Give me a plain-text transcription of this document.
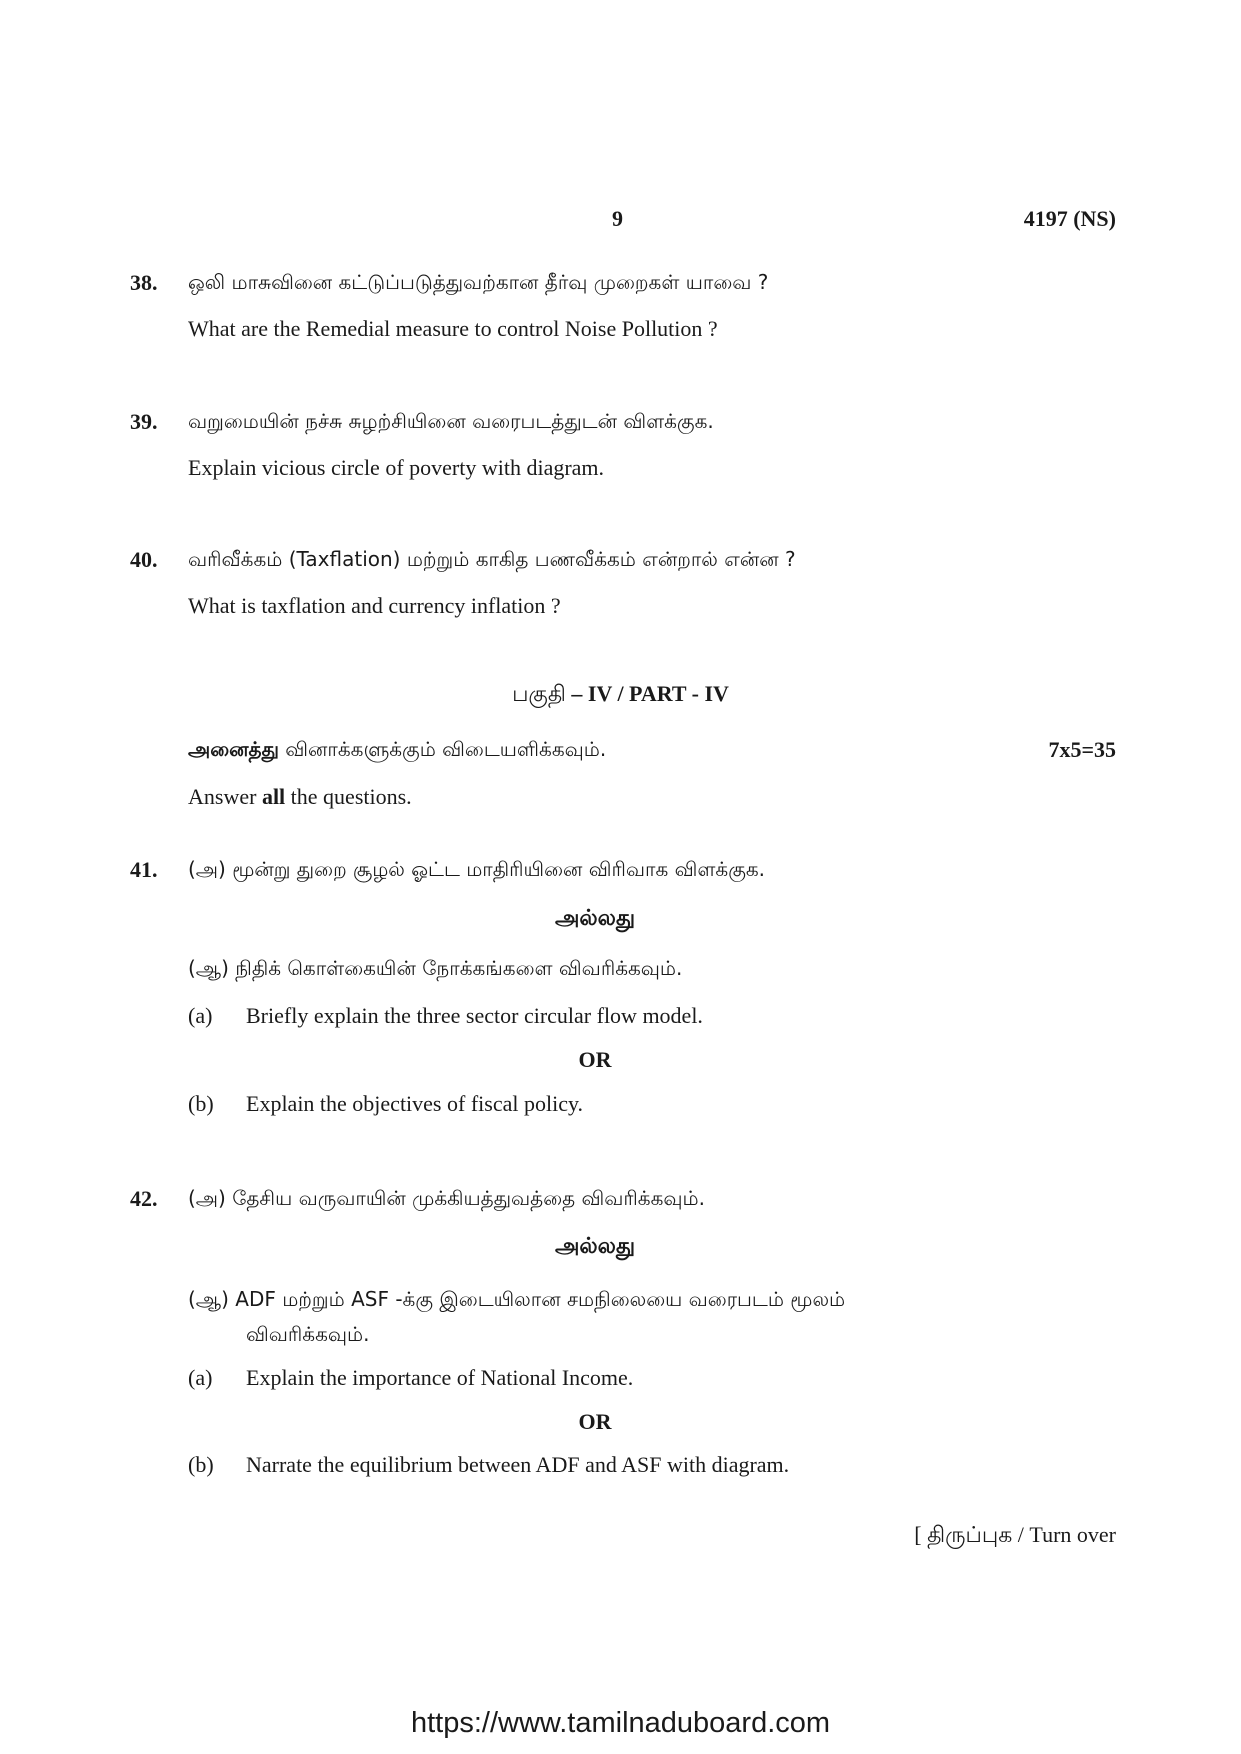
9	4197 (NS)
38. ஒலி மாசுவினை கட்டுப்படுத்துவற்கான தீர்வு முறைகள் யாவை ?
What are the Remedial measure to control Noise Pollution ?
39. வறுமையின் நச்சு சுழற்சியினை வரைபடத்துடன் விளக்குக.
Explain vicious circle of poverty with diagram.
40. வரிவீக்கம் (Taxflation) மற்றும் காகித பணவீக்கம் என்றால் என்ன ?
What is taxflation and currency inflation ?
பகுதி – IV / PART - IV
அனைத்து வினாக்களுக்கும் விடையளிக்கவும்.	7x5=35
Answer all the questions.
41. (அ) மூன்று துறை சூழல் ஓட்ட மாதிரியினை விரிவாக விளக்குக.
அல்லது
(ஆ) நிதிக் கொள்கையின் நோக்கங்களை விவரிக்கவும்.
(a) Briefly explain the three sector circular flow model.
OR
(b) Explain the objectives of fiscal policy.
42. (அ) தேசிய வருவாயின் முக்கியத்துவத்தை விவரிக்கவும்.
அல்லது
(ஆ) ADF மற்றும் ASF -க்கு இடையிலான சமநிலையை வரைபடம் மூலம்
விவரிக்கவும்.
(a) Explain the importance of National Income.
OR
(b) Narrate the equilibrium between ADF and ASF with diagram.
[ திருப்புக / Turn over
https://www.tamilnaduboard.com
